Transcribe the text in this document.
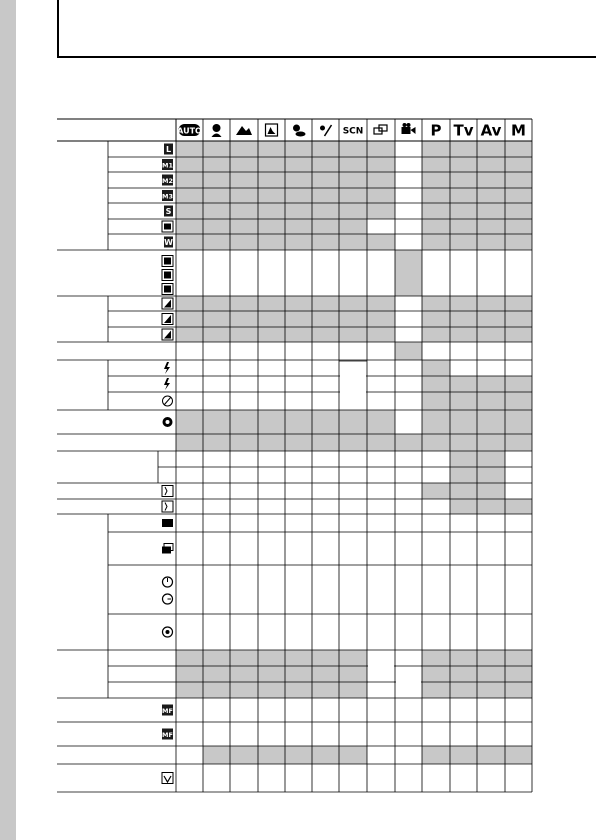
AUTO	SCN	P Tv Av M
L
M1
M2
M3
S
W
MF
MF
